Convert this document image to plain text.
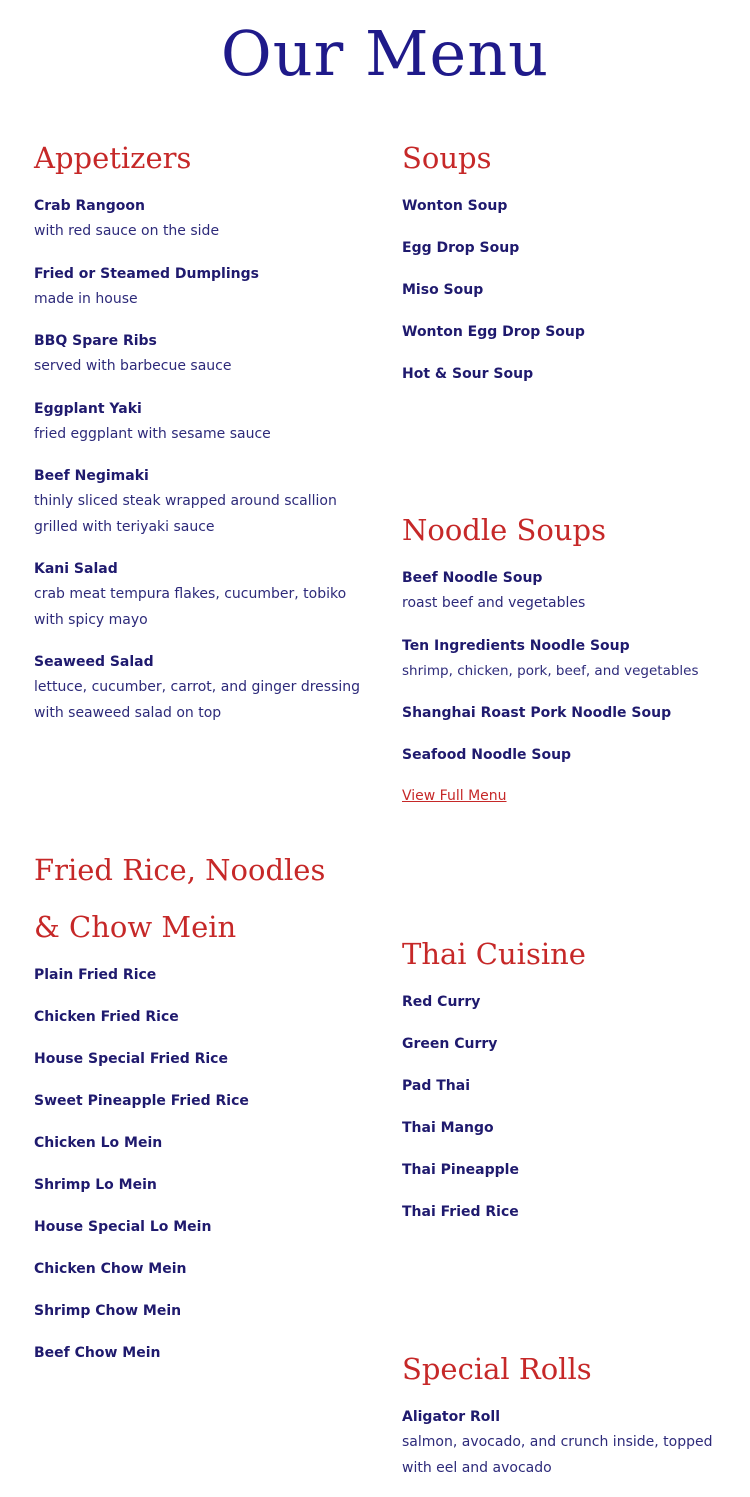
Our Menu
Appetizers
Crab Rangoon
with red sauce on the side
Fried or Steamed Dumplings
made in house
BBQ Spare Ribs
served with barbecue sauce
Eggplant Yaki
fried eggplant with sesame sauce
Beef Negimaki
thinly sliced steak wrapped around scallion grilled with teriyaki sauce
Kani Salad
crab meat tempura flakes, cucumber, tobiko with spicy mayo
Seaweed Salad
lettuce, cucumber, carrot, and ginger dressing with seaweed salad on top
Soups
Wonton Soup
Egg Drop Soup
Miso Soup
Wonton Egg Drop Soup
Hot & Sour Soup
Noodle Soups
Beef Noodle Soup
roast beef and vegetables
Ten Ingredients Noodle Soup
shrimp, chicken, pork, beef, and vegetables
Shanghai Roast Pork Noodle Soup
Seafood Noodle Soup
View Full Menu
Fried Rice, Noodles
& Chow Mein
Plain Fried Rice
Chicken Fried Rice
House Special Fried Rice
Sweet Pineapple Fried Rice
Chicken Lo Mein
Shrimp Lo Mein
House Special Lo Mein
Chicken Chow Mein
Shrimp Chow Mein
Beef Chow Mein
Thai Cuisine
Red Curry
Green Curry
Pad Thai
Thai Mango
Thai Pineapple
Thai Fried Rice
Special Rolls
Aligator Roll
salmon, avocado, and crunch inside, topped with eel and avocado
